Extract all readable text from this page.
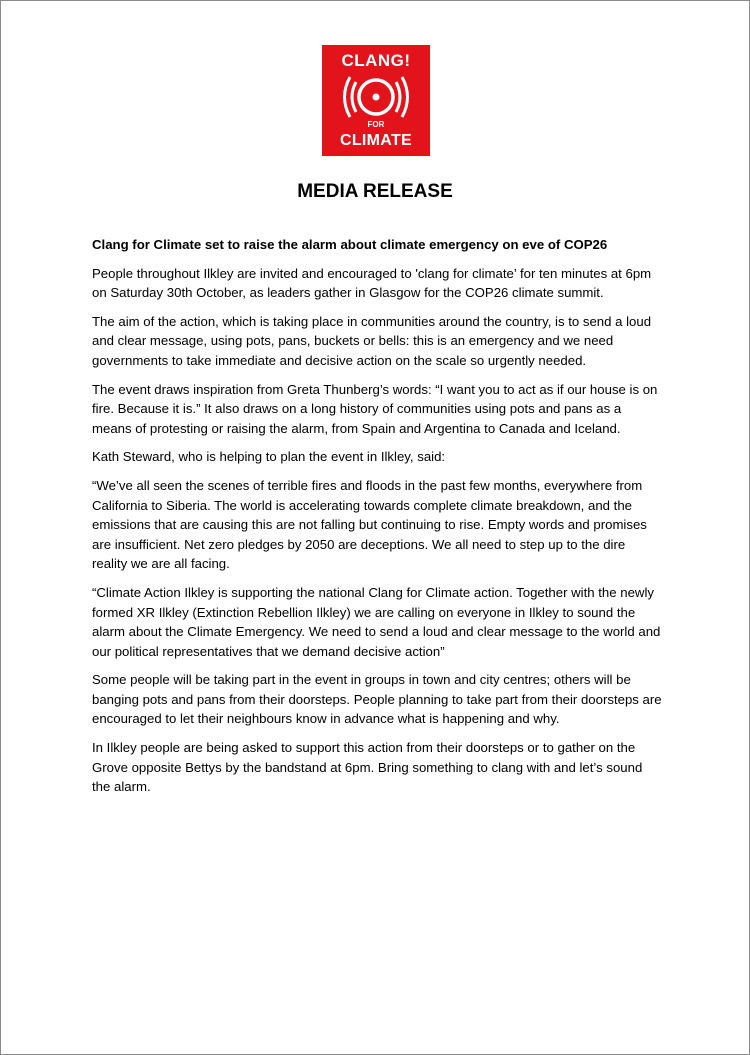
CLANG!
FOR
CLIMATE
MEDIA RELEASE

Clang for Climate set to raise the alarm about climate emergency on eve of COP26

People throughout Ilkley are invited and encouraged to 'clang for climate’ for ten minutes at 6pm on Saturday 30th October, as leaders gather in Glasgow for the COP26 climate summit.

The aim of the action, which is taking place in communities around the country, is to send a loud and clear message, using pots, pans, buckets or bells: this is an emergency and we need governments to take immediate and decisive action on the scale so urgently needed.

The event draws inspiration from Greta Thunberg’s words: “I want you to act as if our house is on fire. Because it is.” It also draws on a long history of communities using pots and pans as a means of protesting or raising the alarm, from Spain and Argentina to Canada and Iceland.

Kath Steward, who is helping to plan the event in Ilkley, said:

“We’ve all seen the scenes of terrible fires and floods in the past few months, everywhere from California to Siberia. The world is accelerating towards complete climate breakdown, and the emissions that are causing this are not falling but continuing to rise. Empty words and promises are insufficient. Net zero pledges by 2050 are deceptions. We all need to step up to the dire reality we are all facing.

“Climate Action Ilkley is supporting the national Clang for Climate action. Together with the newly formed XR Ilkley (Extinction Rebellion Ilkley) we are calling on everyone in Ilkley to sound the alarm about the Climate Emergency. We need to send a loud and clear message to the world and our political representatives that we demand decisive action”

Some people will be taking part in the event in groups in town and city centres; others will be banging pots and pans from their doorsteps. People planning to take part from their doorsteps are encouraged to let their neighbours know in advance what is happening and why.

In Ilkley people are being asked to support this action from their doorsteps or to gather on the Grove opposite Bettys by the bandstand at 6pm. Bring something to clang with and let’s sound the alarm.
